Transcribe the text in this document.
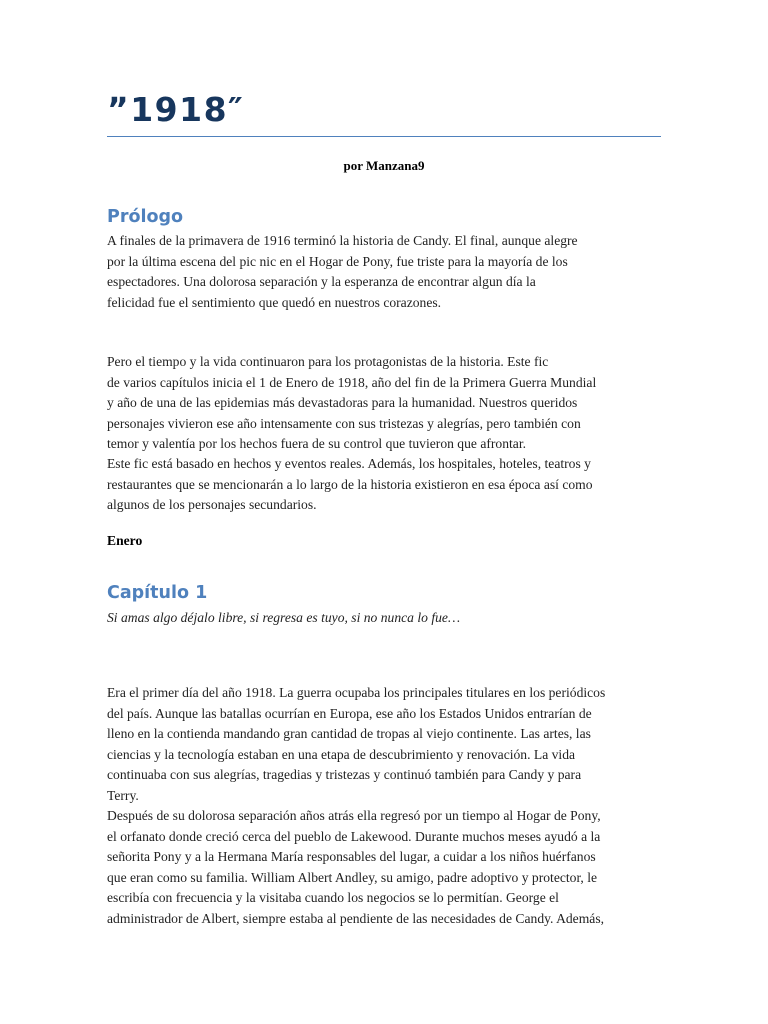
”1918″

por Manzana9

Prólogo
A finales de la primavera de 1916 terminó la historia de Candy. El final, aunque alegre
por la última escena del pic nic en el Hogar de Pony, fue triste para la mayoría de los
espectadores. Una dolorosa separación y la esperanza de encontrar algun día la
felicidad fue el sentimiento que quedó en nuestros corazones.
Pero el tiempo y la vida continuaron para los protagonistas de la historia. Este fic
de varios capítulos inicia el 1 de Enero de 1918, año del fin de la Primera Guerra Mundial
y año de una de las epidemias más devastadoras para la humanidad. Nuestros queridos
personajes vivieron ese año intensamente con sus tristezas y alegrías, pero también con
temor y valentía por los hechos fuera de su control que tuvieron que afrontar.
Este fic está basado en hechos y eventos reales. Además, los hospitales, hoteles, teatros y
restaurantes que se mencionarán a lo largo de la historia existieron en esa época así como
algunos de los personajes secundarios.

Enero

Capítulo 1

Si amas algo déjalo libre, si regresa es tuyo, si no nunca lo fue…

Era el primer día del año 1918. La guerra ocupaba los principales titulares en los periódicos
del país. Aunque las batallas ocurrían en Europa, ese año los Estados Unidos entrarían de
lleno en la contienda mandando gran cantidad de tropas al viejo continente. Las artes, las
ciencias y la tecnología estaban en una etapa de descubrimiento y renovación. La vida
continuaba con sus alegrías, tragedias y tristezas y continuó también para Candy y para
Terry.
Después de su dolorosa separación años atrás ella regresó por un tiempo al Hogar de Pony,
el orfanato donde creció cerca del pueblo de Lakewood. Durante muchos meses ayudó a la
señorita Pony y a la Hermana María responsables del lugar, a cuidar a los niños huérfanos
que eran como su familia. William Albert Andley, su amigo, padre adoptivo y protector, le
escribía con frecuencia y la visitaba cuando los negocios se lo permitían. George el
administrador de Albert, siempre estaba al pendiente de las necesidades de Candy. Además,
